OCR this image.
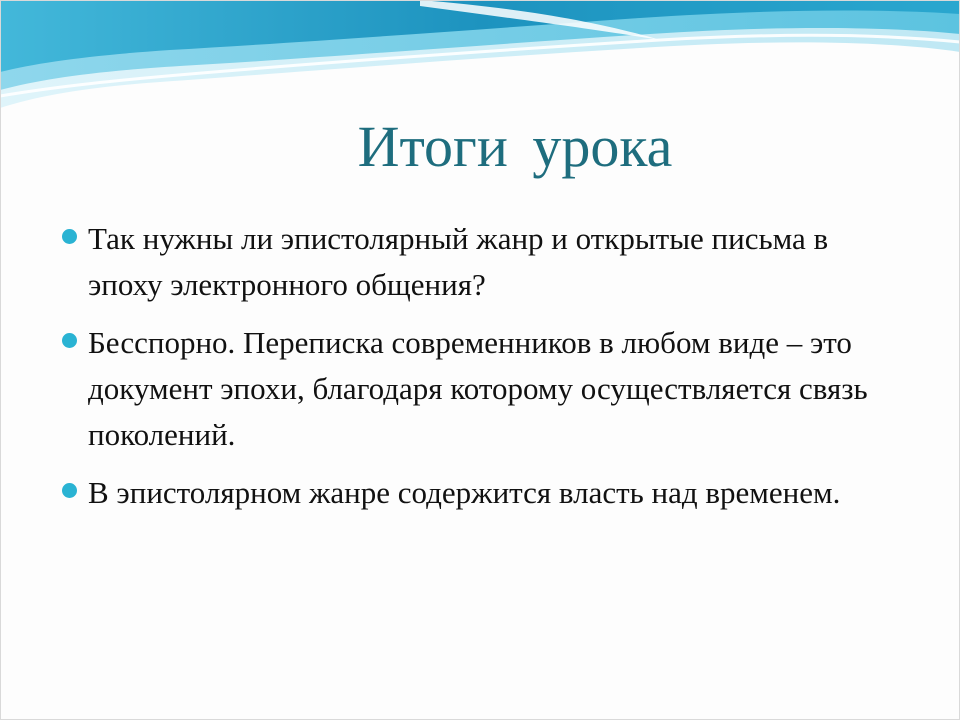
Итоги урока
Так нужны ли эпистолярный жанр и открытые письма в эпоху электронного общения?
Бесспорно. Переписка современников в любом виде – это документ эпохи, благодаря которому осуществляется связь поколений.
В эпистолярном жанре содержится власть над временем.
